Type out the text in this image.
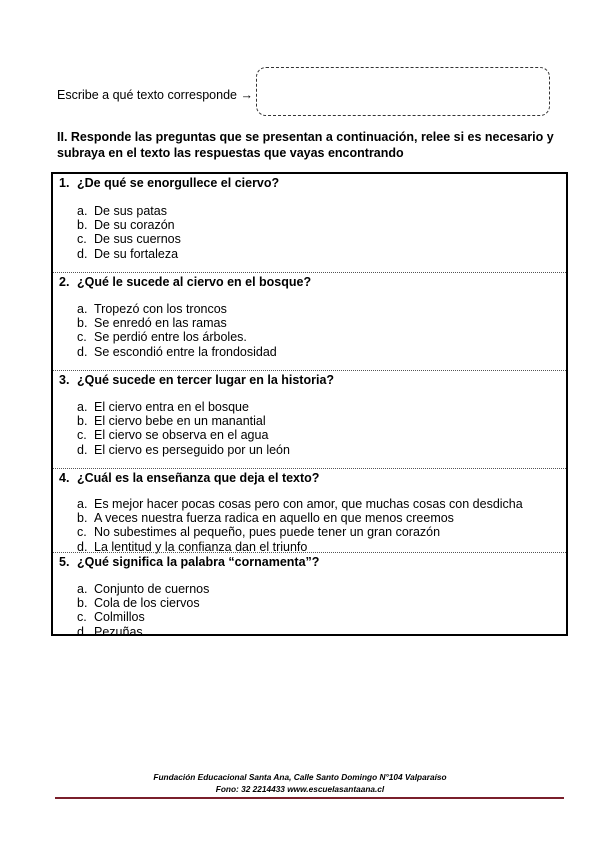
Escribe a qué texto corresponde →
II. Responde las preguntas que se presentan a continuación, relee si es necesario y subraya en el texto las respuestas que vayas encontrando
1. ¿De qué se enorgullece el ciervo?
a. De sus patas
b. De su corazón
c. De sus cuernos
d. De su fortaleza
2. ¿Qué le sucede al ciervo en el bosque?
a. Tropezó con los troncos
b. Se enredó en las ramas
c. Se perdió entre los árboles.
d. Se escondió entre la frondosidad
3. ¿Qué sucede en tercer lugar en la historia?
a. El ciervo entra en el bosque
b. El ciervo bebe en un manantial
c. El ciervo se observa en el agua
d. El ciervo es perseguido por un león
4. ¿Cuál es la enseñanza que deja el texto?
a. Es mejor hacer pocas cosas pero con amor, que muchas cosas con desdicha
b. A veces nuestra fuerza radica en aquello en que menos creemos
c. No subestimes al pequeño, pues puede tener un gran corazón
d. La lentitud y la confianza dan el triunfo
5. ¿Qué significa la palabra “cornamenta”?
a. Conjunto de cuernos
b. Cola de los ciervos
c. Colmillos
d. Pezuñas
Fundación Educacional Santa Ana, Calle Santo Domingo N°104 Valparaíso
Fono: 32 2214433 www.escuelasantaana.cl
